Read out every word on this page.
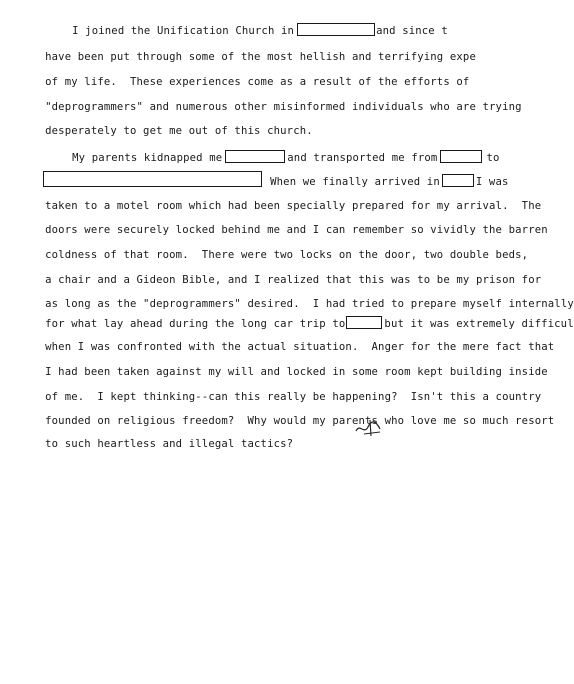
I joined the Unification Church in	and since t

have been put through some of the most hellish and terrifying expe

of my life.  These experiences come as a result of the efforts of

"deprogrammers" and numerous other misinformed individuals who are trying

desperately to get me out of this church.

My parents kidnapped me	and transported me from	to

When we finally arrived in	I was

taken to a motel room which had been specially prepared for my arrival.  The

doors were securely locked behind me and I can remember so vividly the barren

coldness of that room.  There were two locks on the door, two double beds,

a chair and a Gideon Bible, and I realized that this was to be my prison for

as long as the "deprogrammers" desired.  I had tried to prepare myself internally

for what lay ahead during the long car trip to	but it was extremely difficul

when I was confronted with the actual situation.  Anger for the mere fact that

I had been taken against my will and locked in some room kept building inside

of me.  I kept thinking--can this really be happening?  Isn't this a country

founded on religious freedom?  Why would my parents who love me so much resort

to such heartless and illegal tactics?
